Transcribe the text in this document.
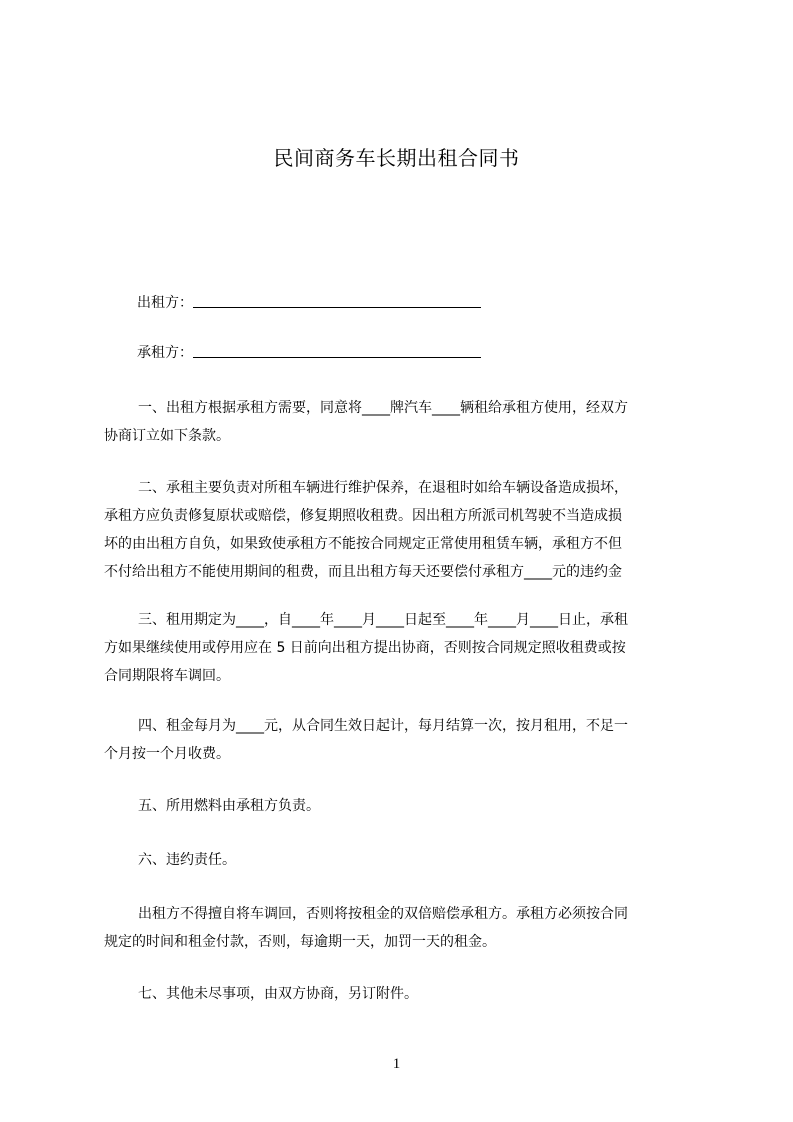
民间商务车长期出租合同书
出租方：
承租方：
一、出租方根据承租方需要，同意将____牌汽车____辆租给承租方使用，经双方
协商订立如下条款。
二、承租主要负责对所租车辆进行维护保养，在退租时如给车辆设备造成损坏，
承租方应负责修复原状或赔偿，修复期照收租费。因出租方所派司机驾驶不当造成损
坏的由出租方自负，如果致使承租方不能按合同规定正常使用租赁车辆，承租方不但
不付给出租方不能使用期间的租费，而且出租方每天还要偿付承租方____元的违约金
三、租用期定为____，自____年____月____日起至____年____月____日止，承租
方如果继续使用或停用应在 5 日前向出租方提出协商，否则按合同规定照收租费或按
合同期限将车调回。
四、租金每月为____元，从合同生效日起计，每月结算一次，按月租用，不足一
个月按一个月收费。
五、所用燃料由承租方负责。
六、违约责任。
出租方不得擅自将车调回，否则将按租金的双倍赔偿承租方。承租方必须按合同
规定的时间和租金付款，否则，每逾期一天，加罚一天的租金。
七、其他未尽事项，由双方协商，另订附件。
1
